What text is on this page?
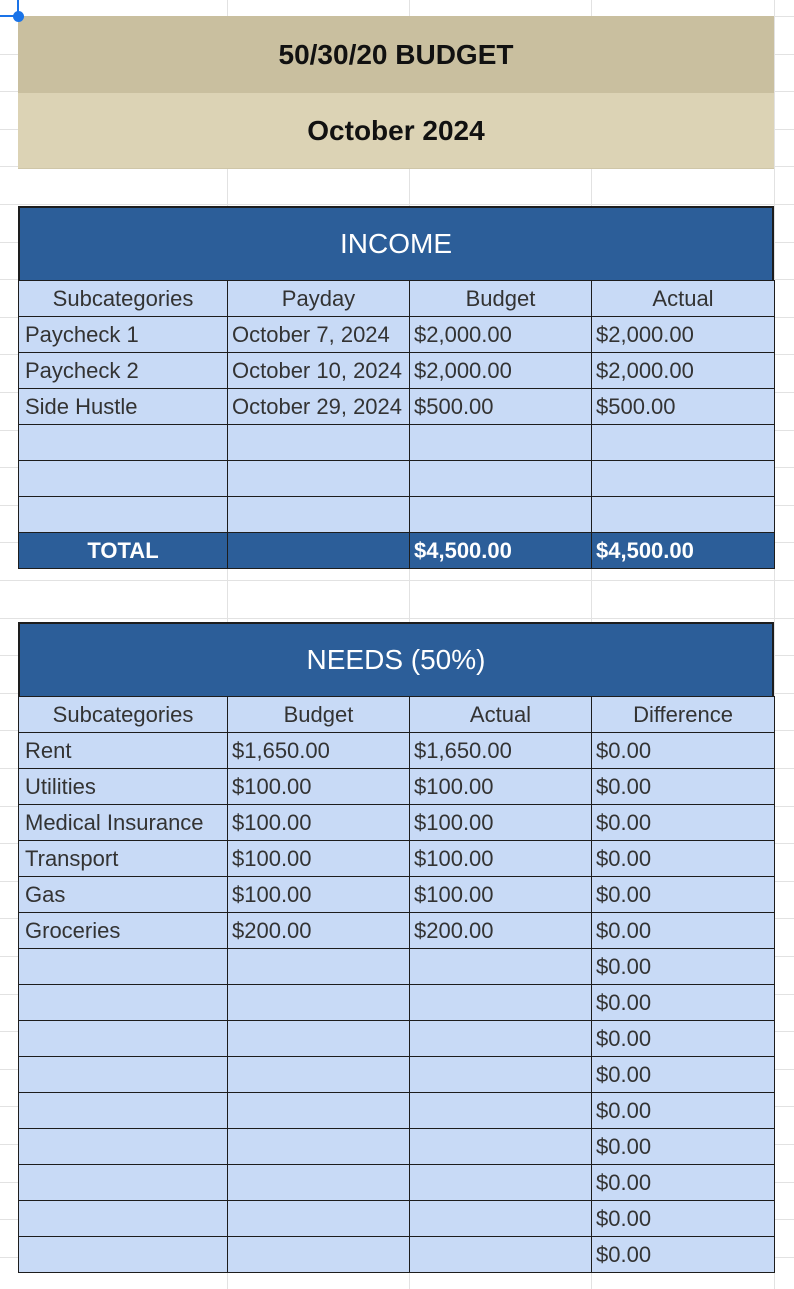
50/30/20 BUDGET
October 2024
INCOME
Subcategories	Payday	Budget	Actual
Paycheck 1	October 7, 2024	$2,000.00	$2,000.00
Paycheck 2	October 10, 2024	$2,000.00	$2,000.00
Side Hustle	October 29, 2024	$500.00	$500.00

TOTAL		$4,500.00	$4,500.00
NEEDS (50%)
Subcategories	Budget	Actual	Difference
Rent	$1,650.00	$1,650.00	$0.00
Utilities	$100.00	$100.00	$0.00
Medical Insurance	$100.00	$100.00	$0.00
Transport	$100.00	$100.00	$0.00
Gas	$100.00	$100.00	$0.00
Groceries	$200.00	$200.00	$0.00
			$0.00
			$0.00
			$0.00
			$0.00
			$0.00
			$0.00
			$0.00
			$0.00
			$0.00
